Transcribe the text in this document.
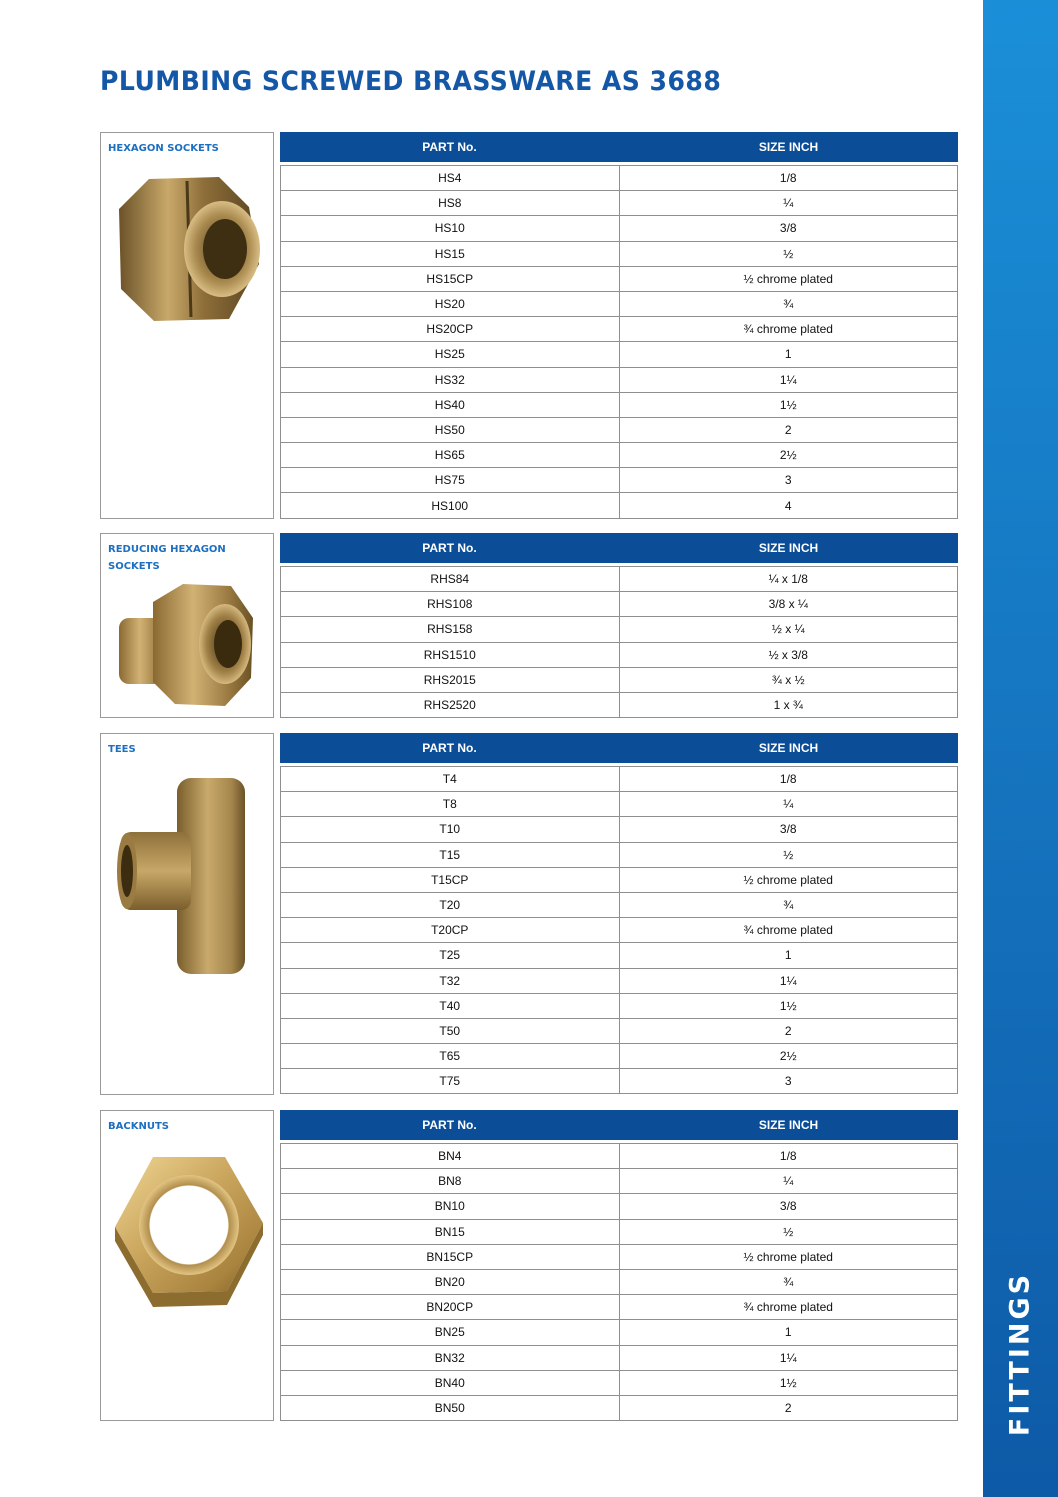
FITTINGS
PLUMBING SCREWED BRASSWARE AS 3688
HEXAGON SOCKETS	PART No.	SIZE INCH
HS4	1/8
HS8	¼
HS10	3/8
HS15	½
HS15CP	½ chrome plated
HS20	¾
HS20CP	¾ chrome plated
HS25	1
HS32	1¼
HS40	1½
HS50	2
HS65	2½
HS75	3
HS100	4
REDUCING HEXAGON SOCKETS
PART No.	SIZE INCH
RHS84	¼ x 1/8
RHS108	3/8 x ¼
RHS158	½ x ¼
RHS1510	½ x 3/8
RHS2015	¾ x ½
RHS2520	1 x ¾
TEES	PART No.	SIZE INCH
T4	1/8
T8	¼
T10	3/8
T15	½
T15CP	½ chrome plated
T20	¾
T20CP	¾ chrome plated
T25	1
T32	1¼
T40	1½
T50	2
T65	2½
T75	3
BACKNUTS	PART No.	SIZE INCH
BN4	1/8
BN8	¼
BN10	3/8
BN15	½
BN15CP	½ chrome plated
BN20	¾
BN20CP	¾ chrome plated
BN25	1
BN32	1¼
BN40	1½
BN50	2
